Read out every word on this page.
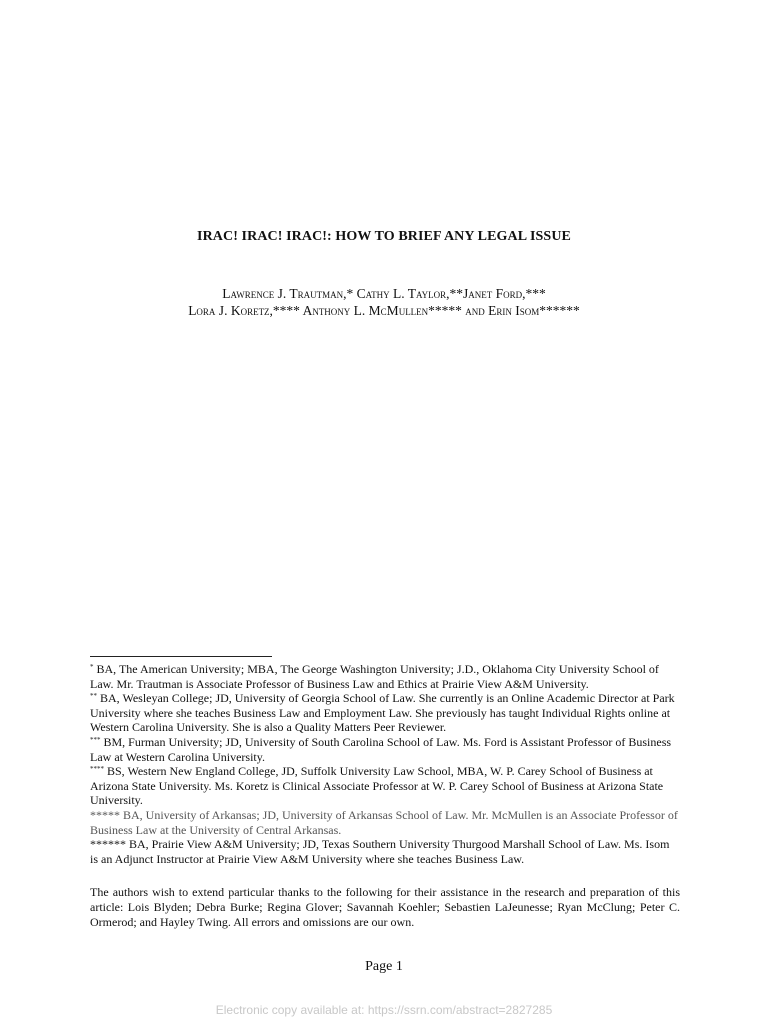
IRAC! IRAC! IRAC!: HOW TO BRIEF ANY LEGAL ISSUE
Lawrence J. Trautman,* Cathy L. Taylor,**Janet Ford,***
Lora J. Koretz,**** Anthony L. McMullen***** and Erin Isom******

* BA, The American University; MBA, The George Washington University; J.D., Oklahoma City University School of Law. Mr. Trautman is Associate Professor of Business Law and Ethics at Prairie View A&M University.

** BA, Wesleyan College; JD, University of Georgia School of Law. She currently is an Online Academic Director at Park University where she teaches Business Law and Employment Law. She previously has taught Individual Rights online at Western Carolina University. She is also a Quality Matters Peer Reviewer.

*** BM, Furman University; JD, University of South Carolina School of Law. Ms. Ford is Assistant Professor of Business Law at Western Carolina University.

**** BS, Western New England College, JD, Suffolk University Law School, MBA, W. P. Carey School of Business at Arizona State University. Ms. Koretz is Clinical Associate Professor at W. P. Carey School of Business at Arizona State University.

***** BA, University of Arkansas; JD, University of Arkansas School of Law. Mr. McMullen is an Associate Professor of Business Law at the University of Central Arkansas.

****** BA, Prairie View A&M University; JD, Texas Southern University Thurgood Marshall School of Law. Ms. Isom is an Adjunct Instructor at Prairie View A&M University where she teaches Business Law.

The authors wish to extend particular thanks to the following for their assistance in the research and preparation of this article: Lois Blyden; Debra Burke; Regina Glover; Savannah Koehler; Sebastien LaJeunesse; Ryan McClung; Peter C. Ormerod; and Hayley Twing. All errors and omissions are our own.

Page 1
Electronic copy available at: https://ssrn.com/abstract=2827285
